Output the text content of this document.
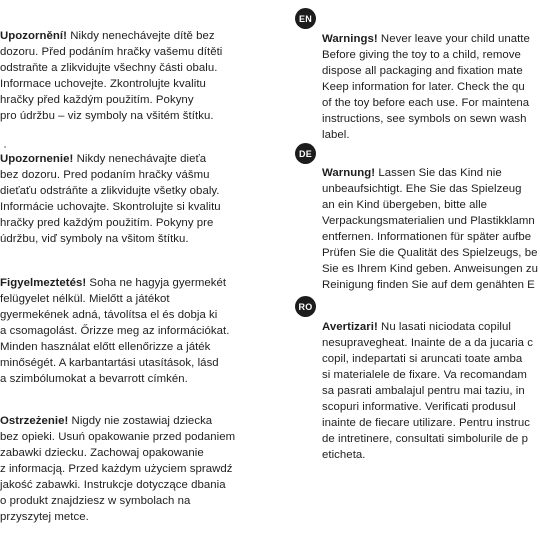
Upozornění! Nikdy nenechávejte dítě bez
dozoru. Před podáním hračky vašemu dítěti
odstraňte a zlikvidujte všechny části obalu.
Informace uchovejte. Zkontrolujte kvalitu
hračky před každým použitím. Pokyny
pro údržbu – viz symboly na všitém štítku.
Upozornenie! Nikdy nenechávajte dieťa
bez dozoru. Pred podaním hračky vášmu
dieťaťu odstráňte a zlikvidujte všetky obaly.
Informácie uchovajte. Skontrolujte si kvalitu
hračky pred každým použitím. Pokyny pre
údržbu, viď symboly na všitom štítku.
Figyelmeztetés! Soha ne hagyja gyermekét
felügyelet nélkül. Mielőtt a játékot
gyermekének adná, távolítsa el és dobja ki
a csomagolást. Őrizze meg az információkat.
Minden használat előtt ellenőrizze a játék
minőségét. A karbantartási utasítások, lásd
a szimbólumokat a bevarrott címkén.
Ostrzeżenie! Nigdy nie zostawiaj dziecka
bez opieki. Usuń opakowanie przed podaniem
zabawki dziecku. Zachowaj opakowanie
z informacją. Przed każdym użyciem sprawdź
jakość zabawki. Instrukcje dotyczące dbania
o produkt znajdziesz w symbolach na
przyszytej metce.
EN
Warnings! Never leave your child unatte
Before giving the toy to a child, remove
dispose all packaging and fixation mate
Keep information for later. Check the qu
of the toy before each use. For maintena
instructions, see symbols on sewn wash
label.
DE
Warnung! Lassen Sie das Kind nie
unbeaufsichtigt. Ehe Sie das Spielzeug
an ein Kind übergeben, bitte alle
Verpackungsmaterialien und Plastikklamn
entfernen. Informationen für später aufbe
Prüfen Sie die Qualität des Spielzeugs, be
Sie es Ihrem Kind geben. Anweisungen zu
Reinigung finden Sie auf dem genähten E
RO
Avertizari! Nu lasati niciodata copilul
nesupravegheat. Inainte de a da jucaria c
copil, indepartati si aruncati toate amba
si materialele de fixare. Va recomandam
sa pasrati ambalajul pentru mai taziu, in
scopuri informative. Verificati produsul
inainte de fiecare utilizare. Pentru instruc
de intretinere, consultati simbolurile de p
eticheta.
